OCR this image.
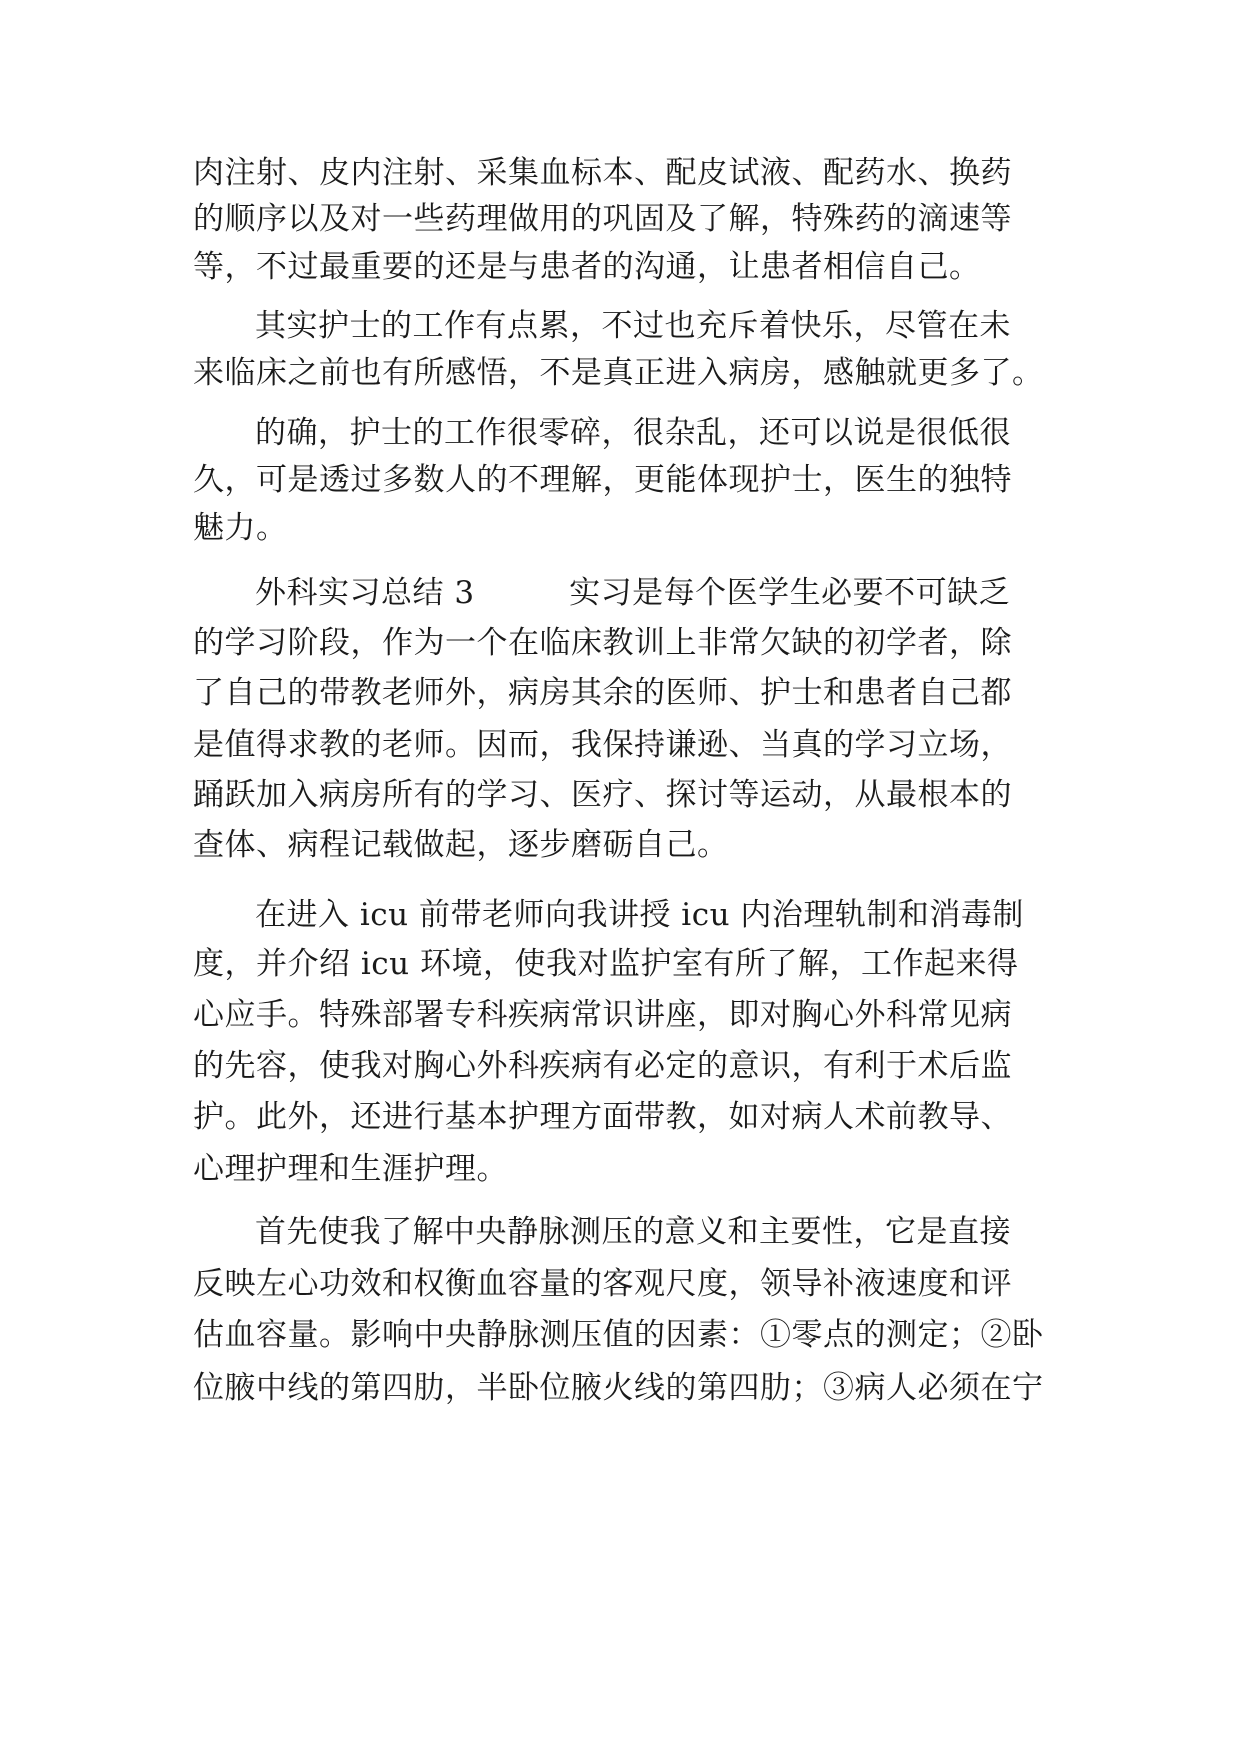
肉注射、皮内注射、采集血标本、配皮试液、配药水、换药
的顺序以及对一些药理做用的巩固及了解，特殊药的滴速等
等，不过最重要的还是与患者的沟通，让患者相信自己。
其实护士的工作有点累，不过也充斥着快乐，尽管在未
来临床之前也有所感悟，不是真正进入病房，感触就更多了。
的确，护士的工作很零碎，很杂乱，还可以说是很低很
久，可是透过多数人的不理解，更能体现护士，医生的独特
魅力。
外科实习总结 3　　　实习是每个医学生必要不可缺乏
的学习阶段，作为一个在临床教训上非常欠缺的初学者，除
了自己的带教老师外，病房其余的医师、护士和患者自己都
是值得求教的老师。因而，我保持谦逊、当真的学习立场，
踊跃加入病房所有的学习、医疗、探讨等运动，从最根本的
查体、病程记载做起，逐步磨砺自己。
在进入 icu 前带老师向我讲授 icu 内治理轨制和消毒制
度，并介绍 icu 环境，使我对监护室有所了解，工作起来得
心应手。特殊部署专科疾病常识讲座，即对胸心外科常见病
的先容，使我对胸心外科疾病有必定的意识，有利于术后监
护。此外，还进行基本护理方面带教，如对病人术前教导、
心理护理和生涯护理。
首先使我了解中央静脉测压的意义和主要性，它是直接
反映左心功效和权衡血容量的客观尺度，领导补液速度和评
估血容量。影响中央静脉测压值的因素：①零点的测定；②卧
位腋中线的第四肋，半卧位腋火线的第四肋；③病人必须在宁
